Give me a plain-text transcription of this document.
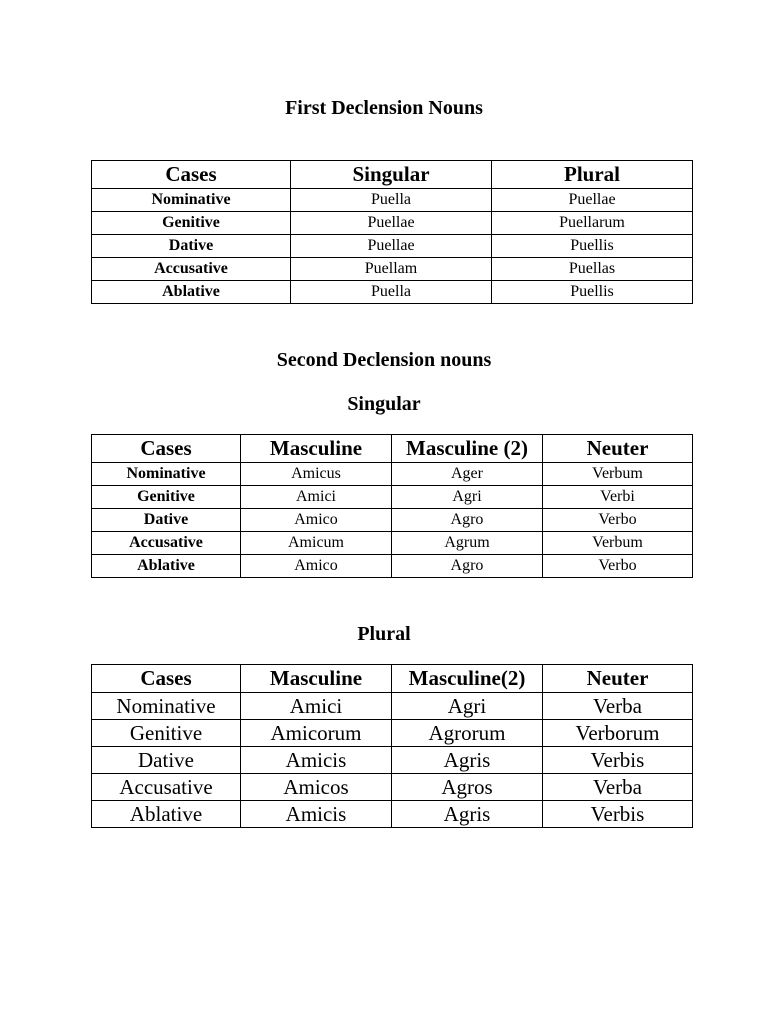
First Declension Nouns
Cases	Singular	Plural
Nominative	Puella	Puellae
Genitive	Puellae	Puellarum
Dative	Puellae	Puellis
Accusative	Puellam	Puellas
Ablative	Puella	Puellis
Second Declension nouns
Singular
Cases	Masculine	Masculine (2)	Neuter
Nominative	Amicus	Ager	Verbum
Genitive	Amici	Agri	Verbi
Dative	Amico	Agro	Verbo
Accusative	Amicum	Agrum	Verbum
Ablative	Amico	Agro	Verbo
Plural
Cases	Masculine	Masculine(2)	Neuter
Nominative	Amici	Agri	Verba
Genitive	Amicorum	Agrorum	Verborum
Dative	Amicis	Agris	Verbis
Accusative	Amicos	Agros	Verba
Ablative	Amicis	Agris	Verbis
